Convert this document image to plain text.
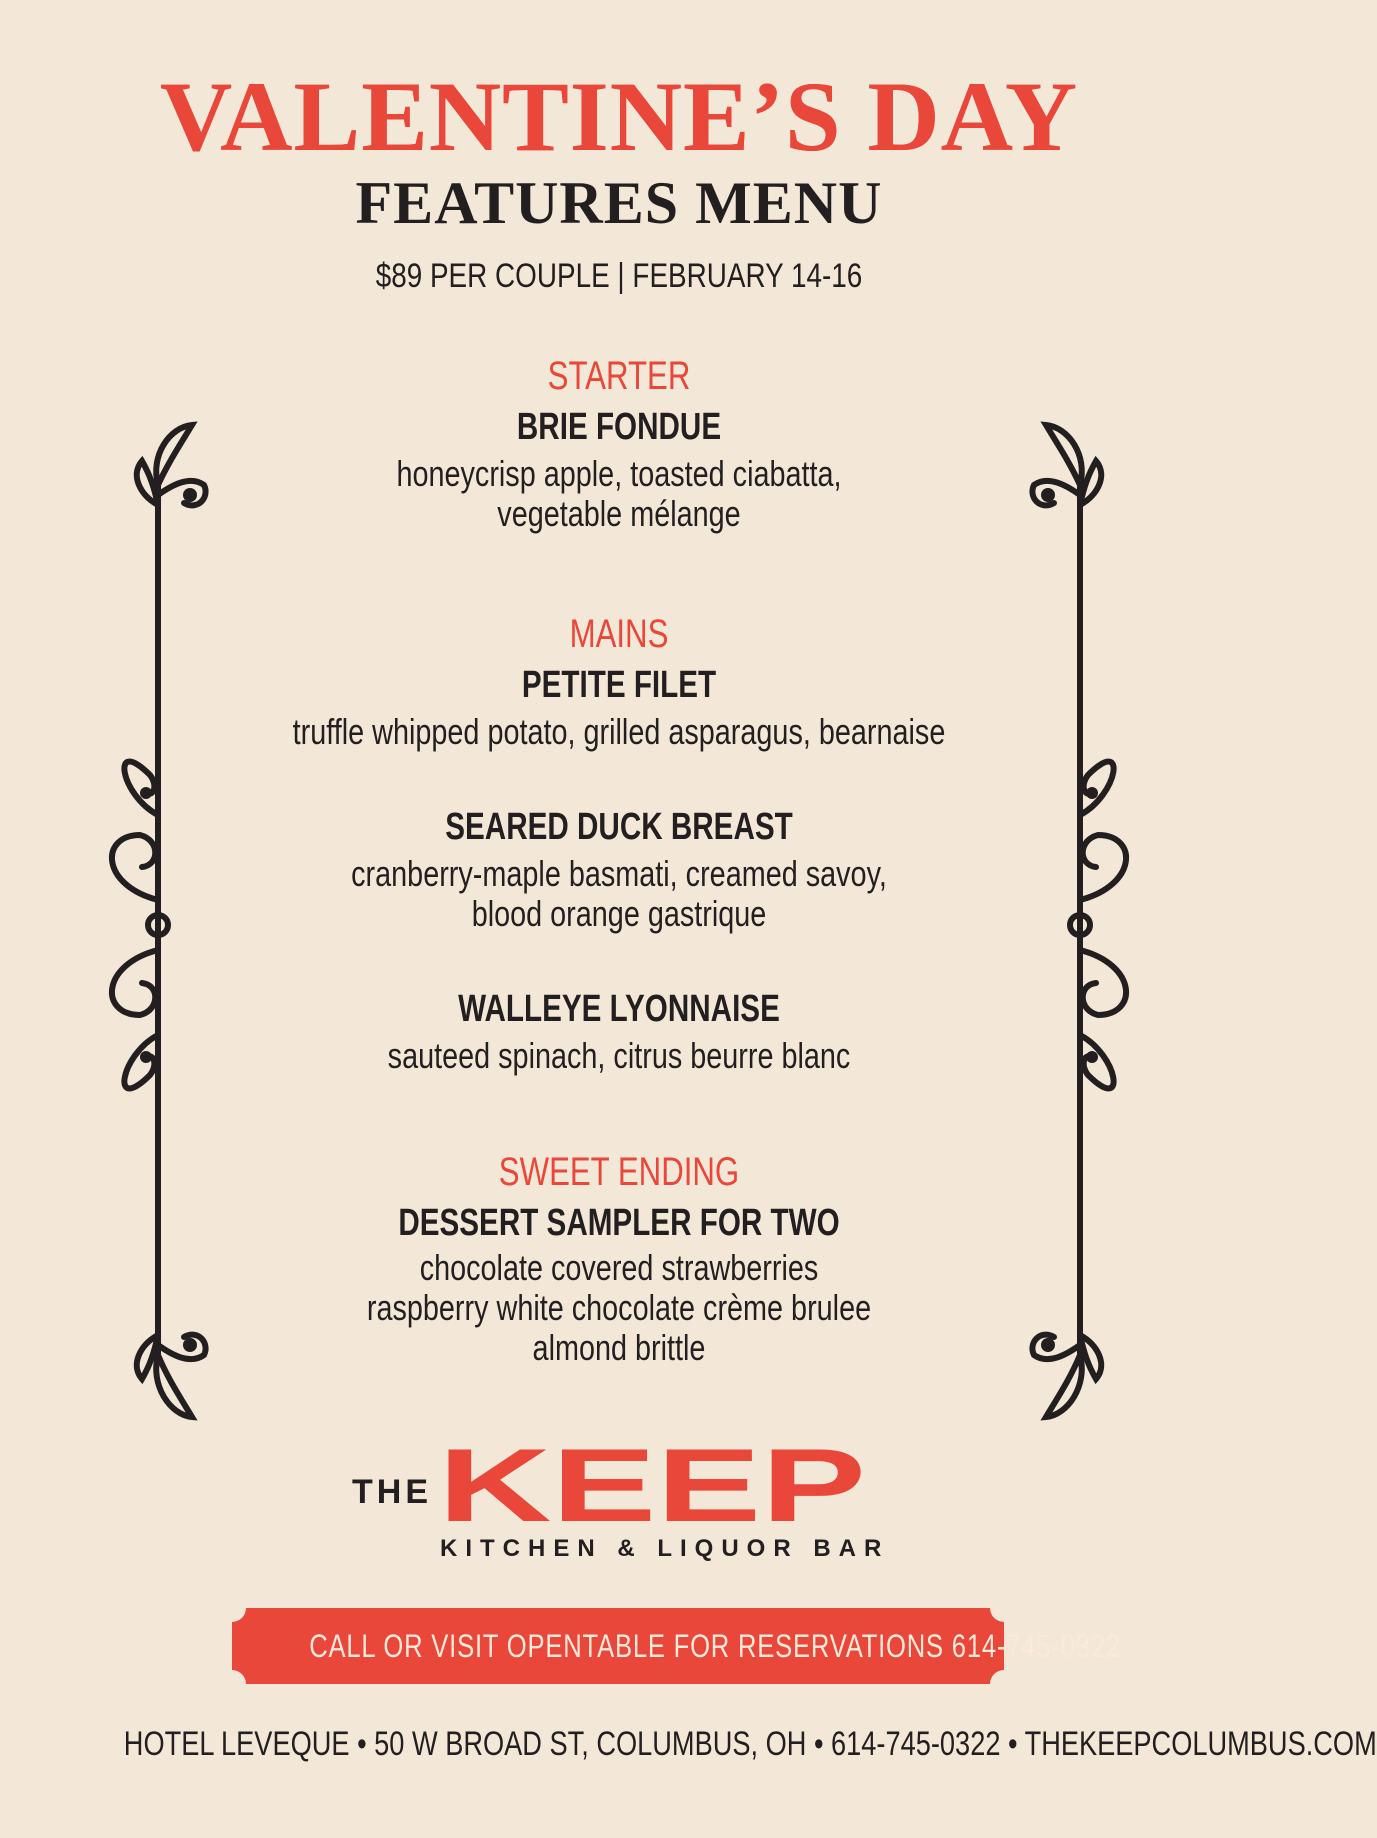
VALENTINE’S DAY
FEATURES MENU
$89 PER COUPLE | FEBRUARY 14-16
STARTER
BRIE FONDUE
honeycrisp apple, toasted ciabatta,
vegetable mélange
MAINS
PETITE FILET
truffle whipped potato, grilled asparagus, bearnaise
SEARED DUCK BREAST
cranberry-maple basmati, creamed savoy,
blood orange gastrique
WALLEYE LYONNAISE
sauteed spinach, citrus beurre blanc
SWEET ENDING
DESSERT SAMPLER FOR TWO
chocolate covered strawberries
raspberry white chocolate crème brulee
almond brittle
THE KEEP
KITCHEN & LIQUOR BAR
CALL OR VISIT OPENTABLE FOR RESERVATIONS 614-745-0322
HOTEL LEVEQUE • 50 W BROAD ST, COLUMBUS, OH • 614-745-0322 • THEKEEPCOLUMBUS.COM
